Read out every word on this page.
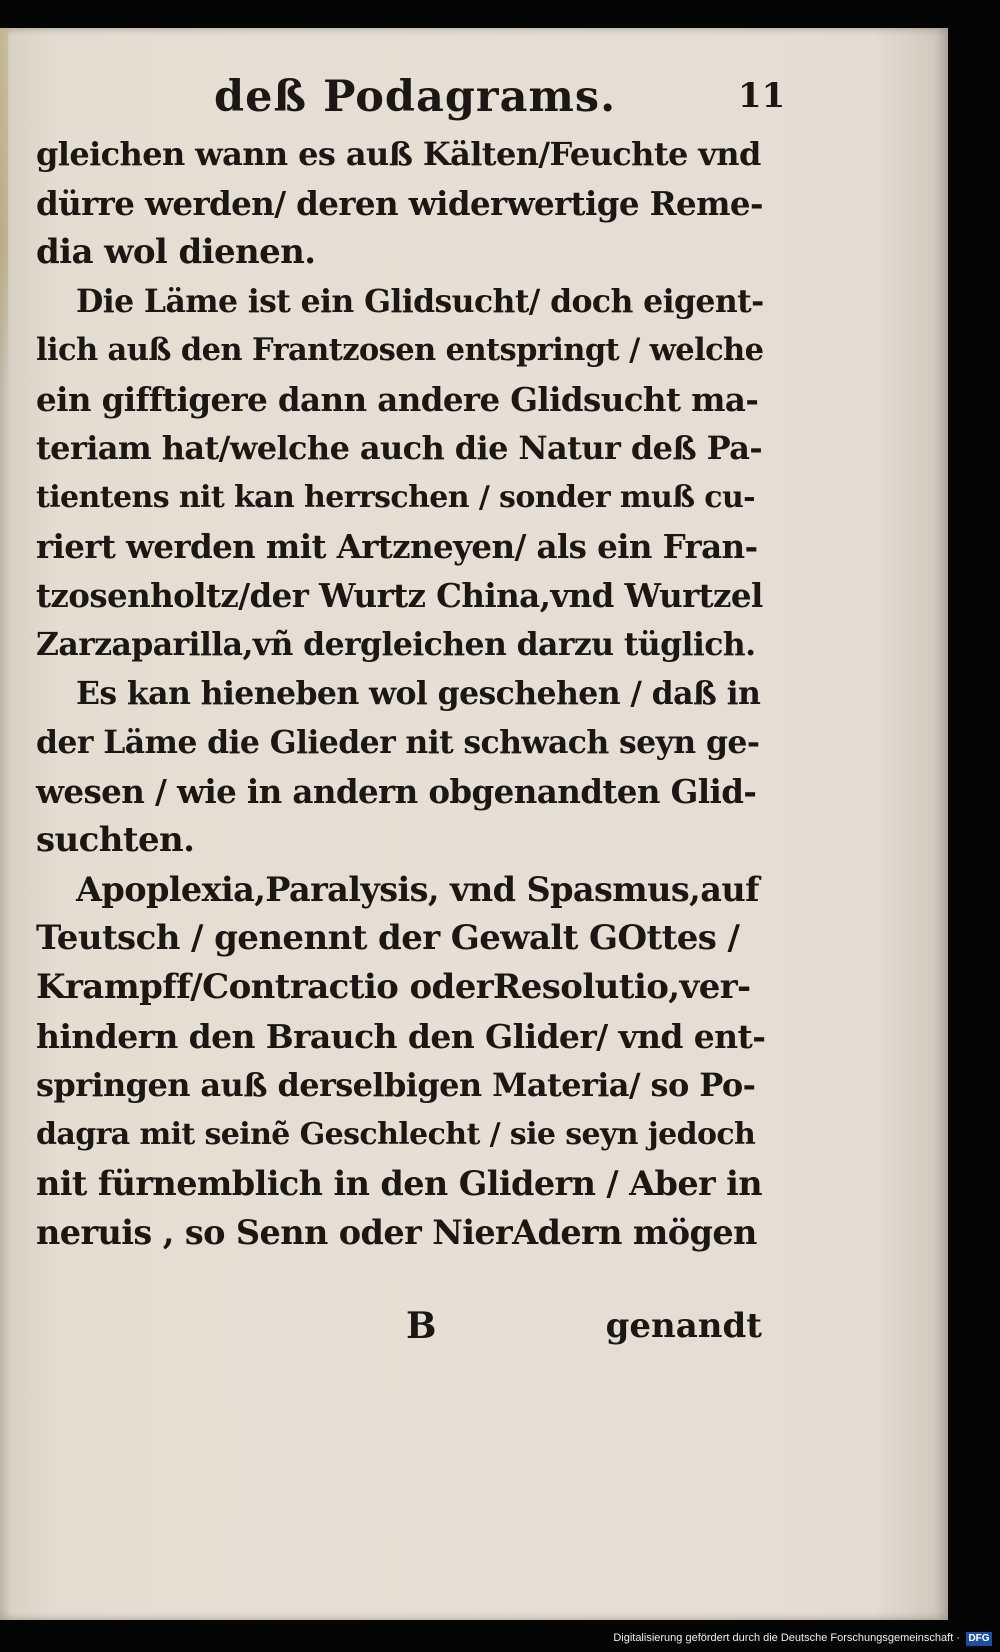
deß Podagrams.	11
gleichen wann es auß Kälten/Feuchte vnd
dürre werden/ deren widerwertige Reme-
dia wol dienen.
Die Läme ist ein Glidsucht/ doch eigent-
lich auß den Frantzosen entspringt / welche
ein gifftigere dann andere Glidsucht ma-
teriam hat/welche auch die Natur deß Pa-
tientens nit kan herrschen / sonder muß cu-
riert werden mit Artzneyen/ als ein Fran-
tzosenholtz/der Wurtz China,vnd Wurtzel
Zarzaparilla,vñ dergleichen darzu tüglich.
Es kan hieneben wol geschehen / daß in
der Läme die Glieder nit schwach seyn ge-
wesen / wie in andern obgenandten Glid-
suchten.
Apoplexia,Paralysis, vnd Spasmus,auf
Teutsch / genennt der Gewalt GOttes /
Krampff/Contractio oderResolutio,ver-
hindern den Brauch den Glider/ vnd ent-
springen auß derselbigen Materia/ so Po-
dagra mit seinẽ Geschlecht / sie seyn jedoch
nit fürnemblich in den Glidern / Aber in
neruis , so Senn oder NierAdern mögen
B	genandt
Digitalisierung gefördert durch die Deutsche Forschungsgemeinschaft · DFG
